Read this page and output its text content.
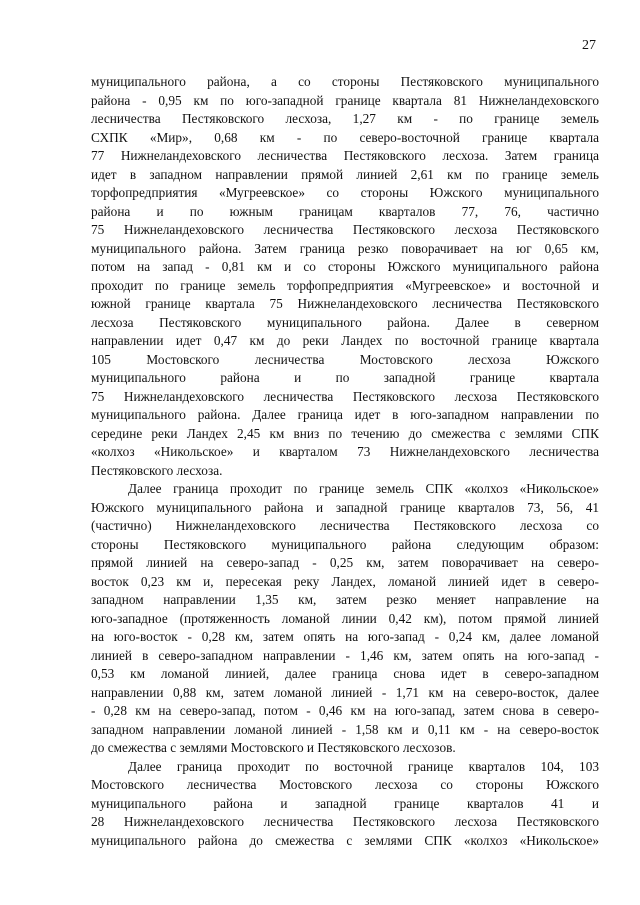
27
муниципального района, а со стороны Пестяковского муниципального
района - 0,95 км по юго-западной границе квартала 81 Нижнеландеховского
лесничества Пестяковского лесхоза, 1,27 км - по границе земель
СХПК «Мир», 0,68 км - по северо-восточной границе квартала
77 Нижнеландеховского лесничества Пестяковского лесхоза. Затем граница
идет в западном направлении прямой линией 2,61 км по границе земель
торфопредприятия «Мугреевское» со стороны Южского муниципального
района и по южным границам кварталов 77, 76, частично
75 Нижнеландеховского лесничества Пестяковского лесхоза Пестяковского
муниципального района. Затем граница резко поворачивает на юг 0,65 км,
потом на запад - 0,81 км и со стороны Южского муниципального района
проходит по границе земель торфопредприятия «Мугреевское» и восточной и
южной границе квартала 75 Нижнеландеховского лесничества Пестяковского
лесхоза Пестяковского муниципального района. Далее в северном
направлении идет 0,47 км до реки Ландех по восточной границе квартала
105 Мостовского лесничества Мостовского лесхоза Южского
муниципального района и по западной границе квартала
75 Нижнеландеховского лесничества Пестяковского лесхоза Пестяковского
муниципального района. Далее граница идет в юго-западном направлении по
середине реки Ландех 2,45 км вниз по течению до смежества с землями СПК
«колхоз «Никольское» и кварталом 73 Нижнеландеховского лесничества
Пестяковского лесхоза.
Далее граница проходит по границе земель СПК «колхоз «Никольское»
Южского муниципального района и западной границе кварталов 73, 56, 41
(частично) Нижнеландеховского лесничества Пестяковского лесхоза со
стороны Пестяковского муниципального района следующим образом:
прямой линией на северо-запад - 0,25 км, затем поворачивает на северо-
восток 0,23 км и, пересекая реку Ландех, ломаной линией идет в северо-
западном направлении 1,35 км, затем резко меняет направление на
юго-западное (протяженность ломаной линии 0,42 км), потом прямой линией
на юго-восток - 0,28 км, затем опять на юго-запад - 0,24 км, далее ломаной
линией в северо-западном направлении - 1,46 км, затем опять на юго-запад -
0,53 км ломаной линией, далее граница снова идет в северо-западном
направлении 0,88 км, затем ломаной линией - 1,71 км на северо-восток, далее
- 0,28 км на северо-запад, потом - 0,46 км на юго-запад, затем снова в северо-
западном направлении ломаной линией - 1,58 км и 0,11 км - на северо-восток
до смежества с землями Мостовского и Пестяковского лесхозов.
Далее граница проходит по восточной границе кварталов 104, 103
Мостовского лесничества Мостовского лесхоза со стороны Южского
муниципального района и западной границе кварталов 41 и
28 Нижнеландеховского лесничества Пестяковского лесхоза Пестяковского
муниципального района до смежества с землями СПК «колхоз «Никольское»
